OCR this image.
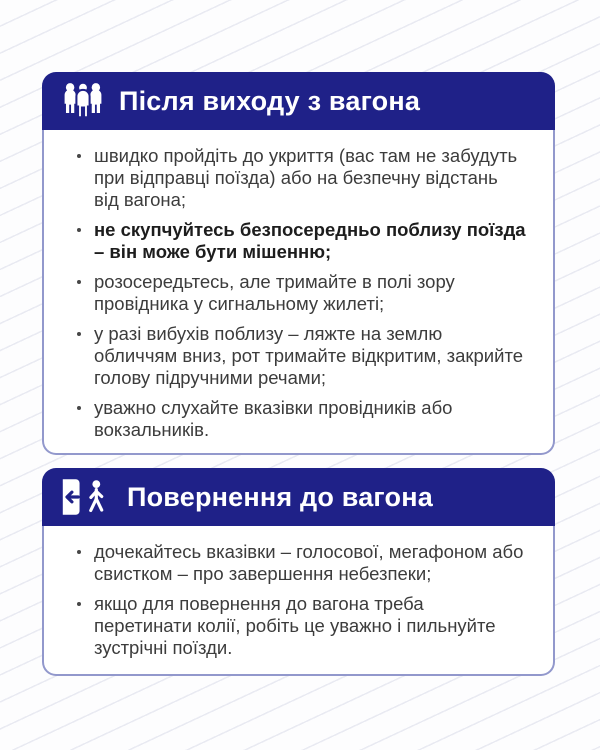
Після виходу з вагона
швидко пройдіть до укриття (вас там не забудуть при відправці поїзда) або на безпечну відстань від вагона;
не скупчуйтесь безпосередньо поблизу поїзда – він може бути мішенню;
розосередьтесь, але тримайте в полі зору провідника у сигнальному жилеті;
у разі вибухів поблизу – ляжте на землю обличчям вниз, рот тримайте відкритим, закрийте голову підручними речами;
уважно слухайте вказівки провідників або вокзальників.
Повернення до вагона
дочекайтесь вказівки – голосової, мегафоном або свистком – про завершення небезпеки;
якщо для повернення до вагона треба перетинати колії, робіть це уважно і пильнуйте зустрічні поїзди.
